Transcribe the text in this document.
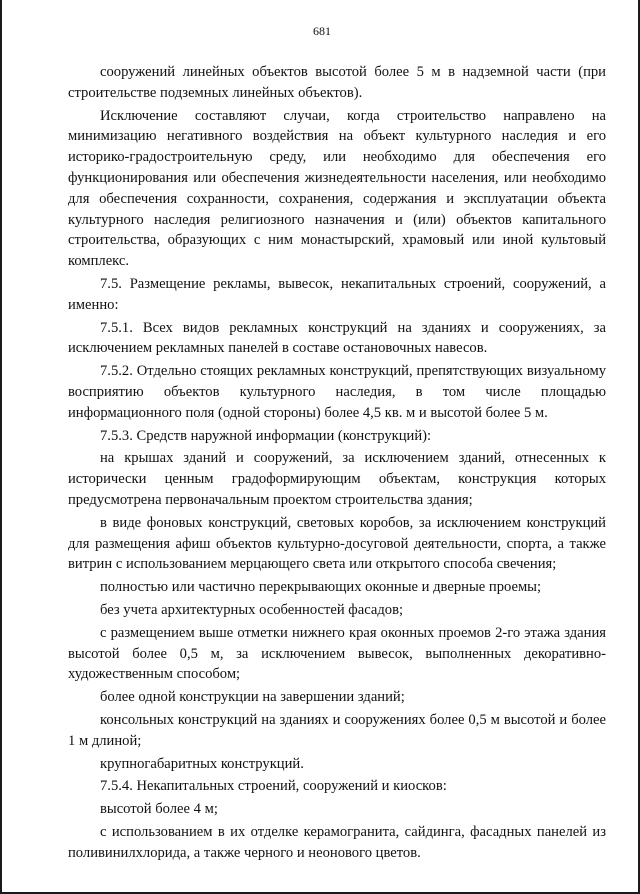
681

сооружений линейных объектов высотой более 5 м в надземной части (при строительстве подземных линейных объектов).

Исключение составляют случаи, когда строительство направлено на минимизацию негативного воздействия на объект культурного наследия и его историко-градостроительную среду, или необходимо для обеспечения его функционирования или обеспечения жизнедеятельности населения, или необходимо для обеспечения сохранности, сохранения, содержания и эксплуатации объекта культурного наследия религиозного назначения и (или) объектов капитального строительства, образующих с ним монастырский, храмовый или иной культовый комплекс.

7.5. Размещение рекламы, вывесок, некапитальных строений, сооружений, а именно:

7.5.1. Всех видов рекламных конструкций на зданиях и сооружениях, за исключением рекламных панелей в составе остановочных навесов.

7.5.2. Отдельно стоящих рекламных конструкций, препятствующих визуальному восприятию объектов культурного наследия, в том числе площадью информационного поля (одной стороны) более 4,5 кв. м и высотой более 5 м.

7.5.3. Средств наружной информации (конструкций):

на крышах зданий и сооружений, за исключением зданий, отнесенных к исторически ценным градоформирующим объектам, конструкция которых предусмотрена первоначальным проектом строительства здания;

в виде фоновых конструкций, световых коробов, за исключением конструкций для размещения афиш объектов культурно-досуговой деятельности, спорта, а также витрин с использованием мерцающего света или открытого способа свечения;

полностью или частично перекрывающих оконные и дверные проемы;

без учета архитектурных особенностей фасадов;

с размещением выше отметки нижнего края оконных проемов 2-го этажа здания высотой более 0,5 м, за исключением вывесок, выполненных декоративно-художественным способом;

более одной конструкции на завершении зданий;

консольных конструкций на зданиях и сооружениях более 0,5 м высотой и более 1 м длиной;

крупногабаритных конструкций.

7.5.4. Некапитальных строений, сооружений и киосков:

высотой более 4 м;

с использованием в их отделке керамогранита, сайдинга, фасадных панелей из поливинилхлорида, а также черного и неонового цветов.
